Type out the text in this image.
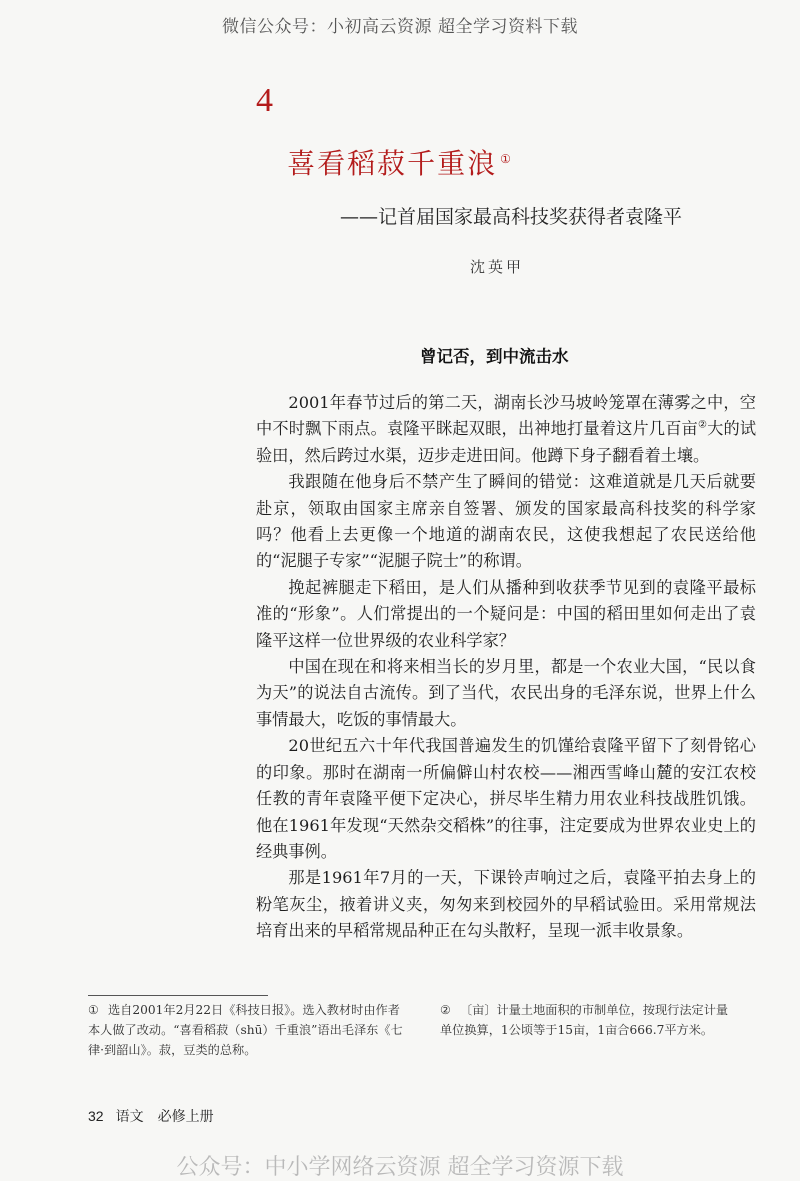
微信公众号：小初高云资源 超全学习资料下载
4
喜看稻菽千重浪 ①
——记首届国家最高科技奖获得者袁隆平
沈英甲
曾记否，到中流击水

2001年春节过后的第二天，湖南长沙马坡岭笼罩在薄雾之中，空中不时飘下雨点。袁隆平眯起双眼，出神地打量着这片几百亩②大的试验田，然后跨过水渠，迈步走进田间。他蹲下身子翻看着土壤。

我跟随在他身后不禁产生了瞬间的错觉：这难道就是几天后就要赴京，领取由国家主席亲自签署、颁发的国家最高科技奖的科学家吗？他看上去更像一个地道的湖南农民，这使我想起了农民送给他的“泥腿子专家”“泥腿子院士”的称谓。

挽起裤腿走下稻田，是人们从播种到收获季节见到的袁隆平最标准的“形象”。人们常提出的一个疑问是：中国的稻田里如何走出了袁隆平这样一位世界级的农业科学家？

中国在现在和将来相当长的岁月里，都是一个农业大国，“民以食为天”的说法自古流传。到了当代，农民出身的毛泽东说，世界上什么事情最大，吃饭的事情最大。

20世纪五六十年代我国普遍发生的饥馑给袁隆平留下了刻骨铭心的印象。那时在湖南一所偏僻山村农校——湘西雪峰山麓的安江农校任教的青年袁隆平便下定决心，拼尽毕生精力用农业科技战胜饥饿。他在1961年发现“天然杂交稻株”的往事，注定要成为世界农业史上的经典事例。

那是1961年7月的一天，下课铃声响过之后，袁隆平拍去身上的粉笔灰尘，掖着讲义夹，匆匆来到校园外的早稻试验田。采用常规法培育出来的早稻常规品种正在勾头散籽，呈现一派丰收景象。

① 选自2001年2月22日《科技日报》。选入教材时由作者本人做了改动。“喜看稻菽（shū）千重浪”语出毛泽东《七律·到韶山》。菽，豆类的总称。
② 〔亩〕计量土地面积的市制单位，按现行法定计量单位换算，1公顷等于15亩，1亩合666.7平方米。
32 语文　必修上册
公众号：中小学网络云资源 超全学习资源下载
